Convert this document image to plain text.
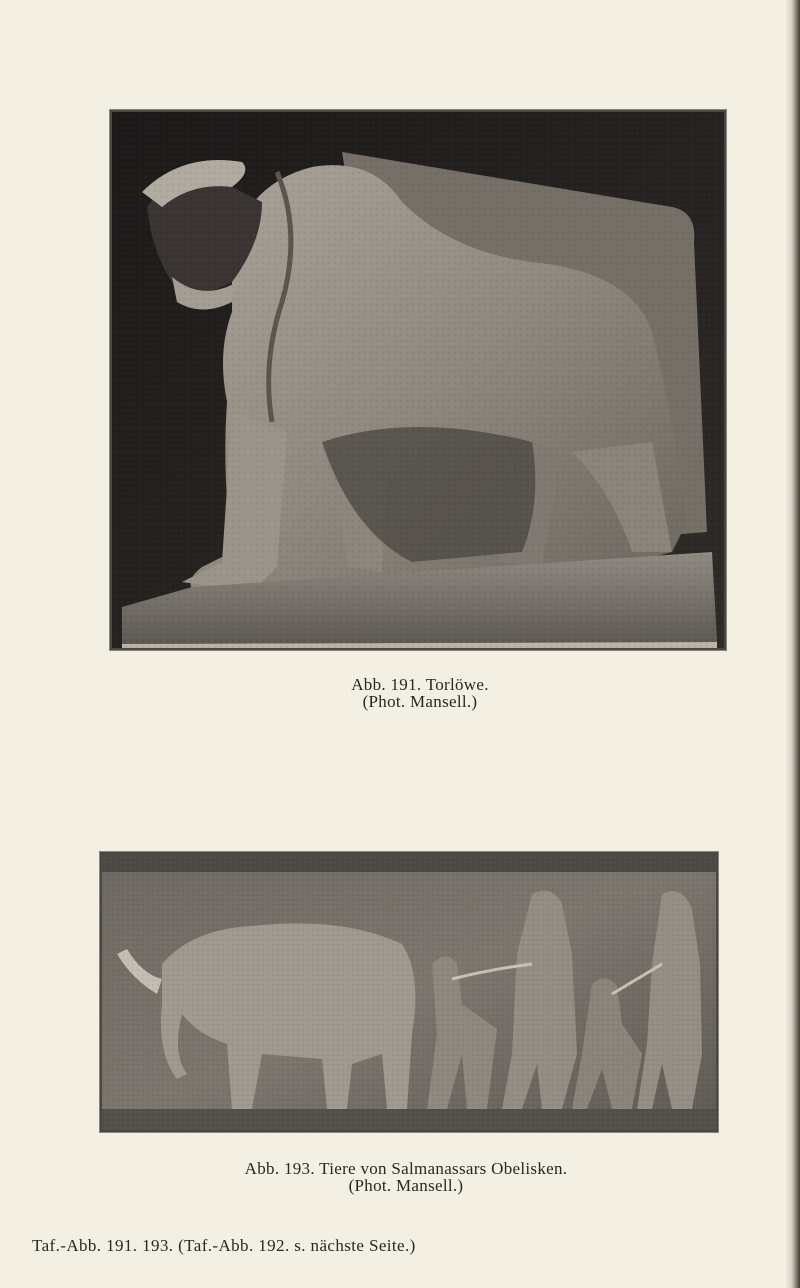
Abb. 191. Torlöwe.
(Phot. Mansell.)
Abb. 193. Tiere von Salmanassars Obelisken.
(Phot. Mansell.)
Taf.-Abb. 191. 193. (Taf.-Abb. 192. s. nächste Seite.)
